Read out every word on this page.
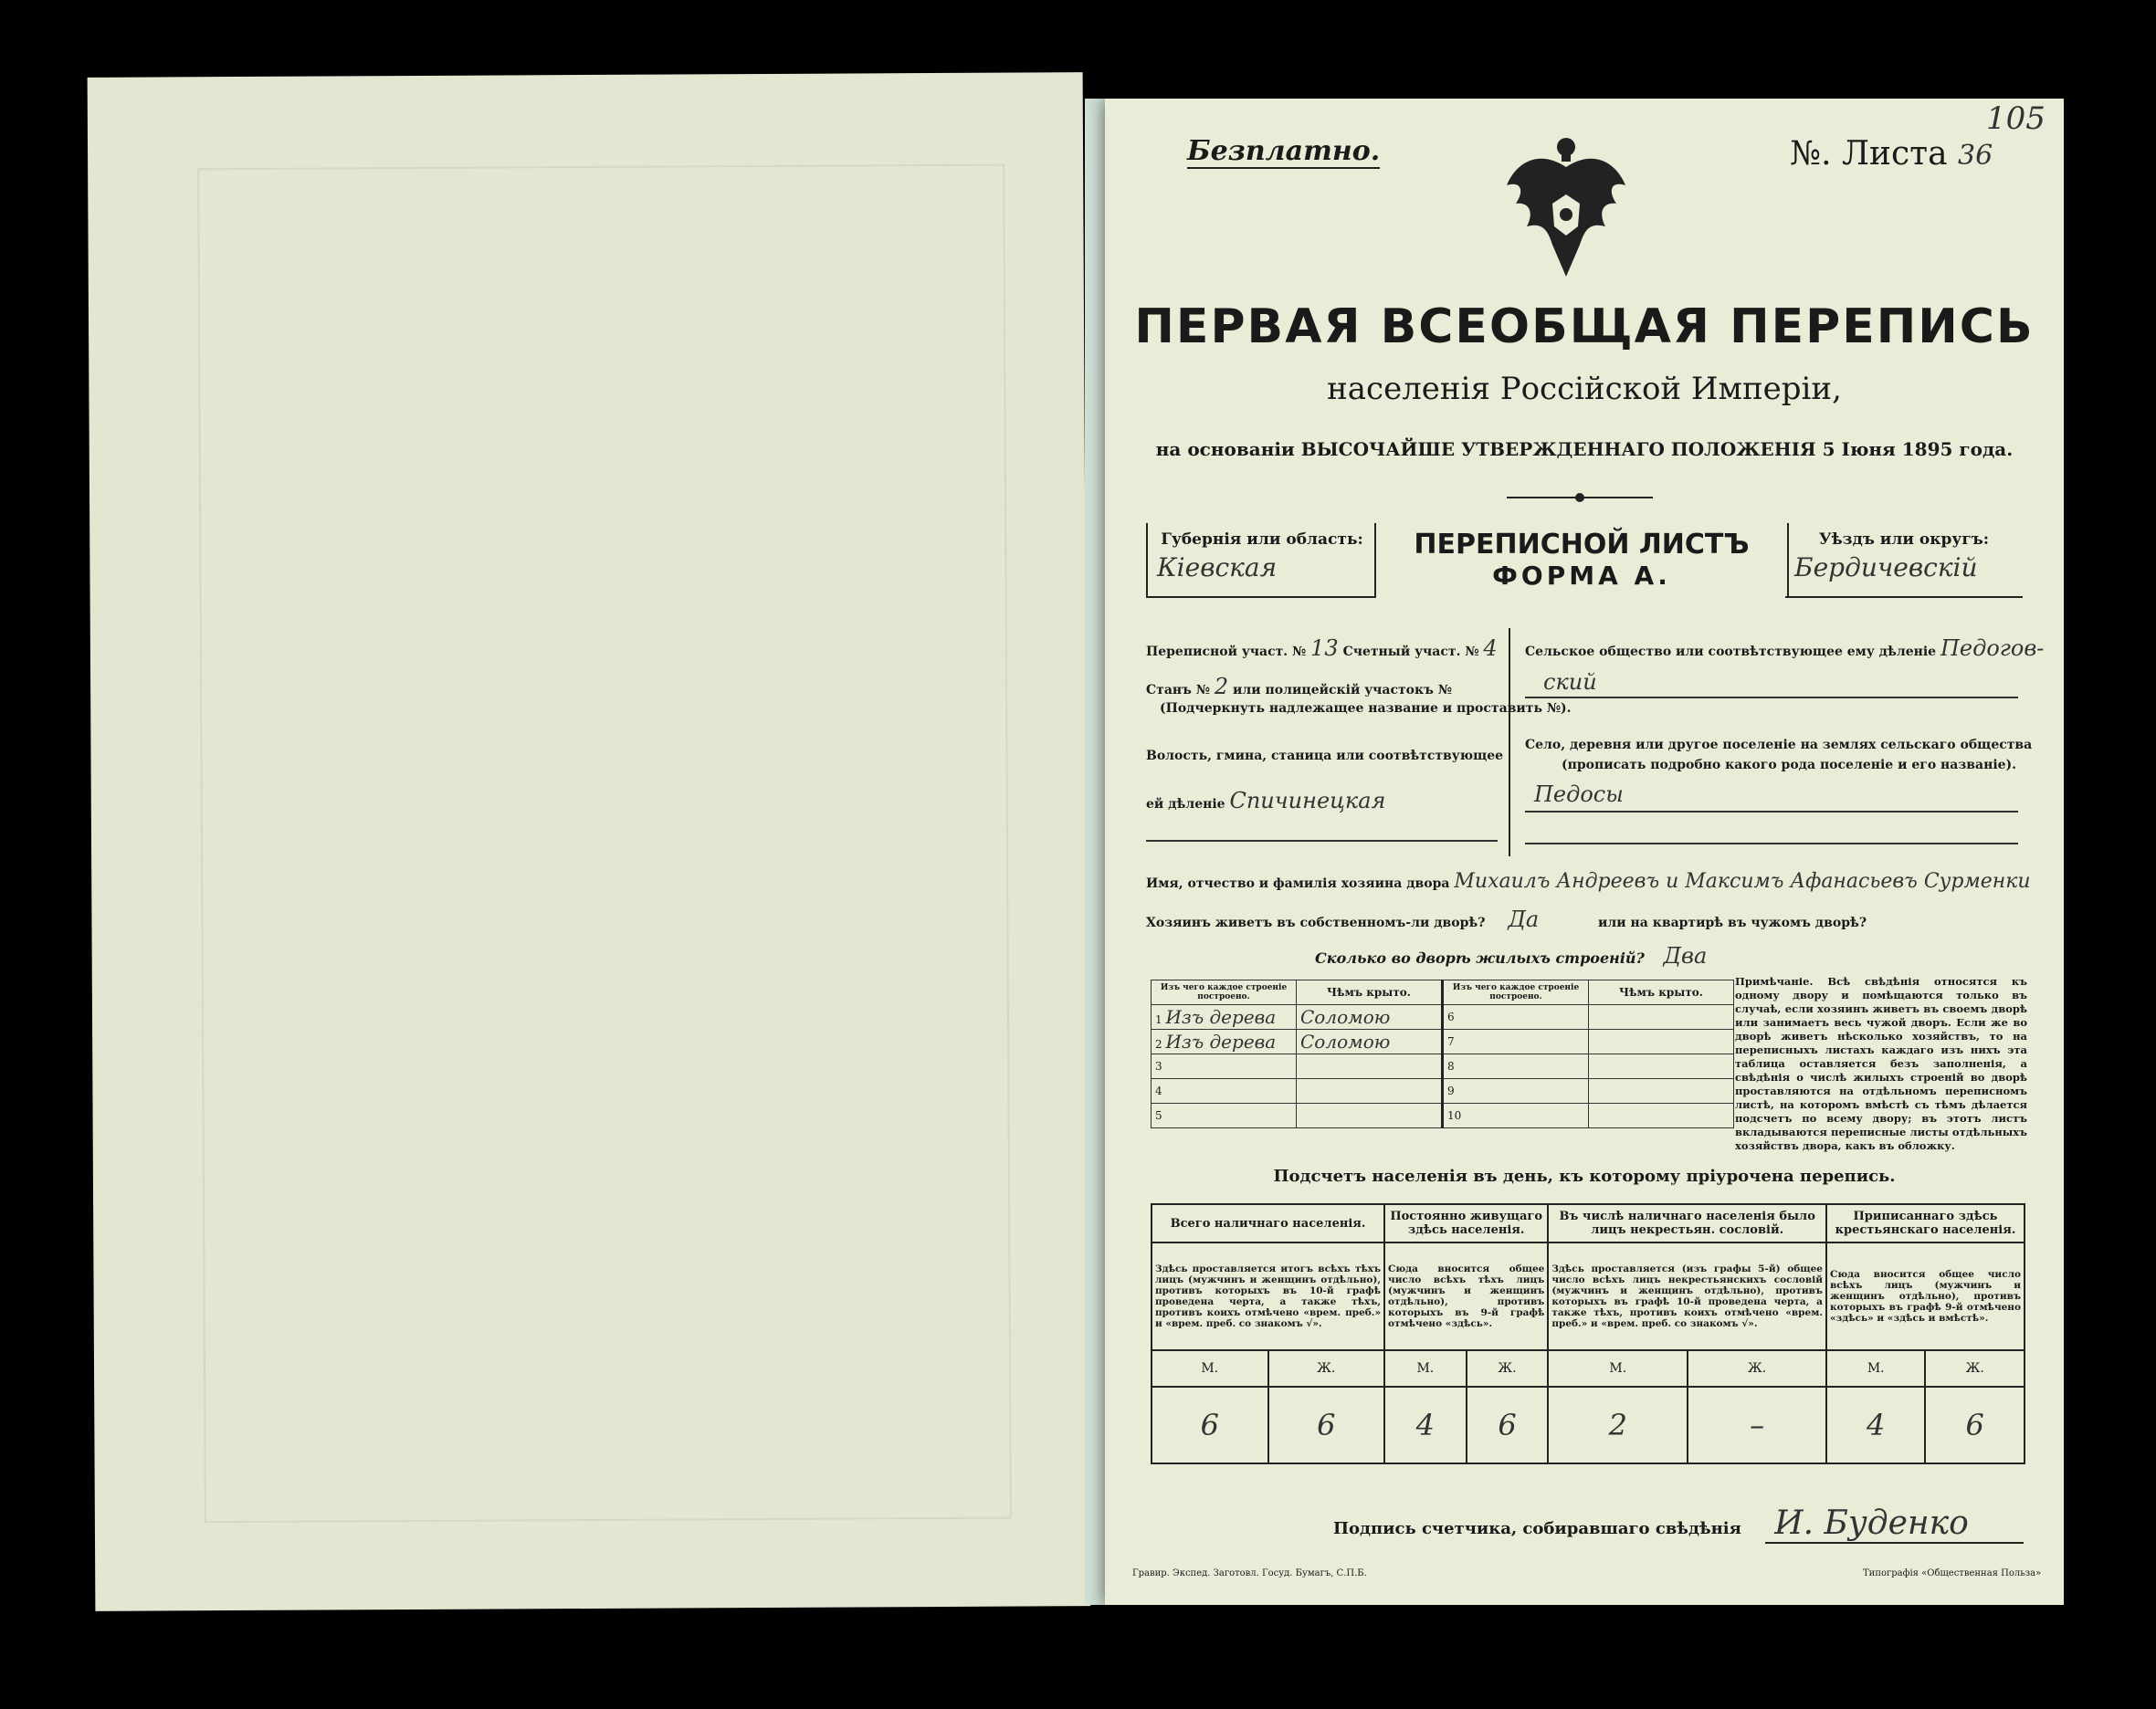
Безплатно.	№. Листа 36
105
ПЕРВАЯ ВСЕОБЩАЯ ПЕРЕПИСЬ
населенія Россійской Имперіи,
на основаніи ВЫСОЧАЙШЕ УТВЕРЖДЕННАГО ПОЛОЖЕНІЯ 5 Іюня 1895 года.
Губернія или область:
Кіевская
ПЕРЕПИСНОЙ ЛИСТЪ
ФОРМА А.
Уѣздъ или округъ:
Бердичевскій
Переписной участ. № 13 Счетный участ. № 4
Станъ № 2 или полицейскій участокъ №
(Подчеркнуть надлежащее название и проставить №).
Волость, гмина, станица или соотвѣтствующее
ей дѣленіе Спичинецкая
Сельское общество или соотвѣтствующее ему дѣленіе Педогов-
ский
Село, деревня или другое поселеніе на землях сельскаго общества
(прописать подробно какого рода поселеніе и его названіе).
Педосы
Имя, отчество и фамилія хозяина двора Михаилъ Андреевъ и Максимъ Афанасьевъ Сурменки
Хозяинъ живетъ въ собственномъ-ли дворѣ? Да	или на квартирѣ въ чужомъ дворѣ?
Сколько во дворѣ жилыхъ строеній? Два
Изъ чего каждое строеніе построено.	Чѣмъ крыто.	Изъ чего каждое строеніе построено.	Чѣмъ крыто.
1 Изъ дерева	Соломою	6	
2 Изъ дерева	Соломою	7	
3		8	
4		9	
5		10	
Примѣчаніе. Всѣ свѣдѣнія относятся къ одному двору и помѣщаются только въ случаѣ, если хозяинъ живетъ въ своемъ дворѣ или занимаетъ весь чужой дворъ. Если же во дворѣ живетъ нѣсколько хозяйствъ, то на переписныхъ листахъ каждаго изъ нихъ эта таблица оставляется безъ заполненія, а свѣдѣнія о числѣ жилыхъ строеній во дворѣ проставляются на отдѣльномъ переписномъ листѣ, на которомъ вмѣстѣ съ тѣмъ дѣлается подсчетъ по всему двору; въ этотъ листъ вкладываются переписные листы отдѣльныхъ хозяйствъ двора, какъ въ обложку.
Подсчетъ населенія въ день, къ которому пріурочена перепись.
Всего наличнаго населенія.		Постоянно живущаго здѣсь населенія.		Въ числѣ наличнаго населенія было лицъ некрестьян. сословій.		Приписаннаго здѣсь крестьянскаго населенія.	
Здѣсь проставляется итогъ всѣхъ тѣхъ лицъ (мужчинъ и женщинъ отдѣльно), противъ которыхъ въ 10-й графѣ проведена черта, а также тѣхъ, противъ коихъ отмѣчено «врем. преб.» и «врем. преб. со знакомъ √».		Сюда вносится общее число всѣхъ тѣхъ лицъ (мужчинъ и женщинъ отдѣльно), противъ которыхъ въ 9-й графѣ отмѣчено «здѣсь».		Здѣсь проставляется (изъ графы 5-й) общее число всѣхъ лицъ некрестьянскихъ сословій (мужчинъ и женщинъ отдѣльно), противъ которыхъ въ графѣ 10-й проведена черта, а также тѣхъ, противъ коихъ отмѣчено «врем. преб.» и «врем. преб. со знакомъ √».		Сюда вносится общее число всѣхъ лицъ (мужчинъ и женщинъ отдѣльно), противъ которыхъ въ графѣ 9-й отмѣчено «здѣсь» и «здѣсь и вмѣстѣ».	
М.	Ж.	М.	Ж.	М.	Ж.	М.	Ж.
6	6	4	6	2	–	4	6
Подпись счетчика, собиравшаго свѣдѣнія И. Буденко
Гравир. Экспед. Заготовл. Госуд. Бумагъ, С.П.Б.	Типографія «Общественная Польза»
